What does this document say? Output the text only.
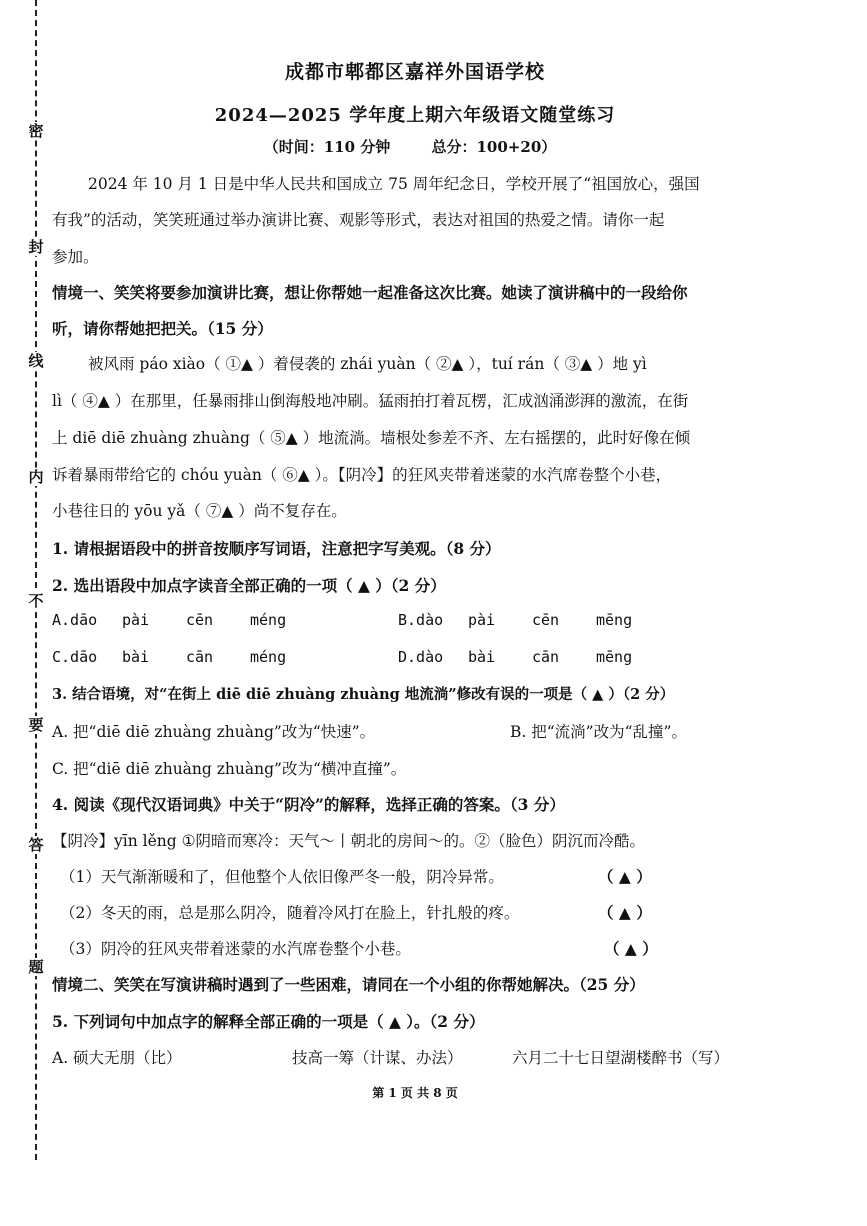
密
封
线
内
不
要
答
题
成都市郫都区嘉祥外国语学校
2024—2025 学年度上期六年级语文随堂练习
（时间：110 分钟	总分：100+20）
2024 年 10 月 1 日是中华人民共和国成立 75 周年纪念日，学校开展了“祖国放心，强国
有我”的活动，笑笑班通过举办演讲比赛、观影等形式，表达对祖国的热爱之情。请你一起
参加。
情境一、笑笑将要参加演讲比赛，想让你帮她一起准备这次比赛。她读了演讲稿中的一段给你
听，请你帮她把把关。（15 分）
被风雨 páo xiào（ ①▲ ）着侵袭的 zhái yuàn（ ②▲ ），tuí rán（ ③▲ ）地 yì
lì（ ④▲ ）在那里，任暴雨排山倒海般地冲刷。猛雨拍打着瓦楞，汇成汹涌澎湃的激流，在街
上 diē diē zhuàng zhuàng（ ⑤▲ ）地流淌。墙根处参差不齐、左右摇摆的，此时好像在倾
诉着暴雨带给它的 chóu yuàn（ ⑥▲ ）。【阴冷】的狂风夹带着迷蒙的水汽席卷整个小巷，
小巷往日的 yōu yǎ（ ⑦▲ ）尚不复存在。
1. 请根据语段中的拼音按顺序写词语，注意把字写美观。（8 分）
2. 选出语段中加点字读音全部正确的一项（ ▲ ）（2 分）
A.dāo pài cēn méng	B.dào pài cēn mēng
C.dāo bài cān méng	D.dào bài cān mēng
3. 结合语境，对“在街上 diē diē zhuàng zhuàng 地流淌”修改有误的一项是（ ▲ ）（2 分）
A. 把“diē diē zhuàng zhuàng”改为“快速”。	B. 把“流淌”改为“乱撞”。
C. 把“diē diē zhuàng zhuàng”改为“横冲直撞”。
4. 阅读《现代汉语词典》中关于“阴冷”的解释，选择正确的答案。（3 分）
【阴冷】yīn lěng ①阴暗而寒冷：天气～丨朝北的房间～的。②（脸色）阴沉而冷酷。
（1）天气渐渐暖和了，但他整个人依旧像严冬一般，阴冷异常。	（ ▲ ）
（2）冬天的雨，总是那么阴冷，随着冷风打在脸上，针扎般的疼。	（ ▲ ）
（3）阴冷的狂风夹带着迷蒙的水汽席卷整个小巷。	（ ▲ ）
情境二、笑笑在写演讲稿时遇到了一些困难，请同在一个小组的你帮她解决。（25 分）
5. 下列词句中加点字的解释全部正确的一项是（ ▲ ）。（2 分）
A. 硕大无朋（比）	技高一筹（计谋、办法）	六月二十七日望湖楼醉书（写）
第 1 页 共 8 页
